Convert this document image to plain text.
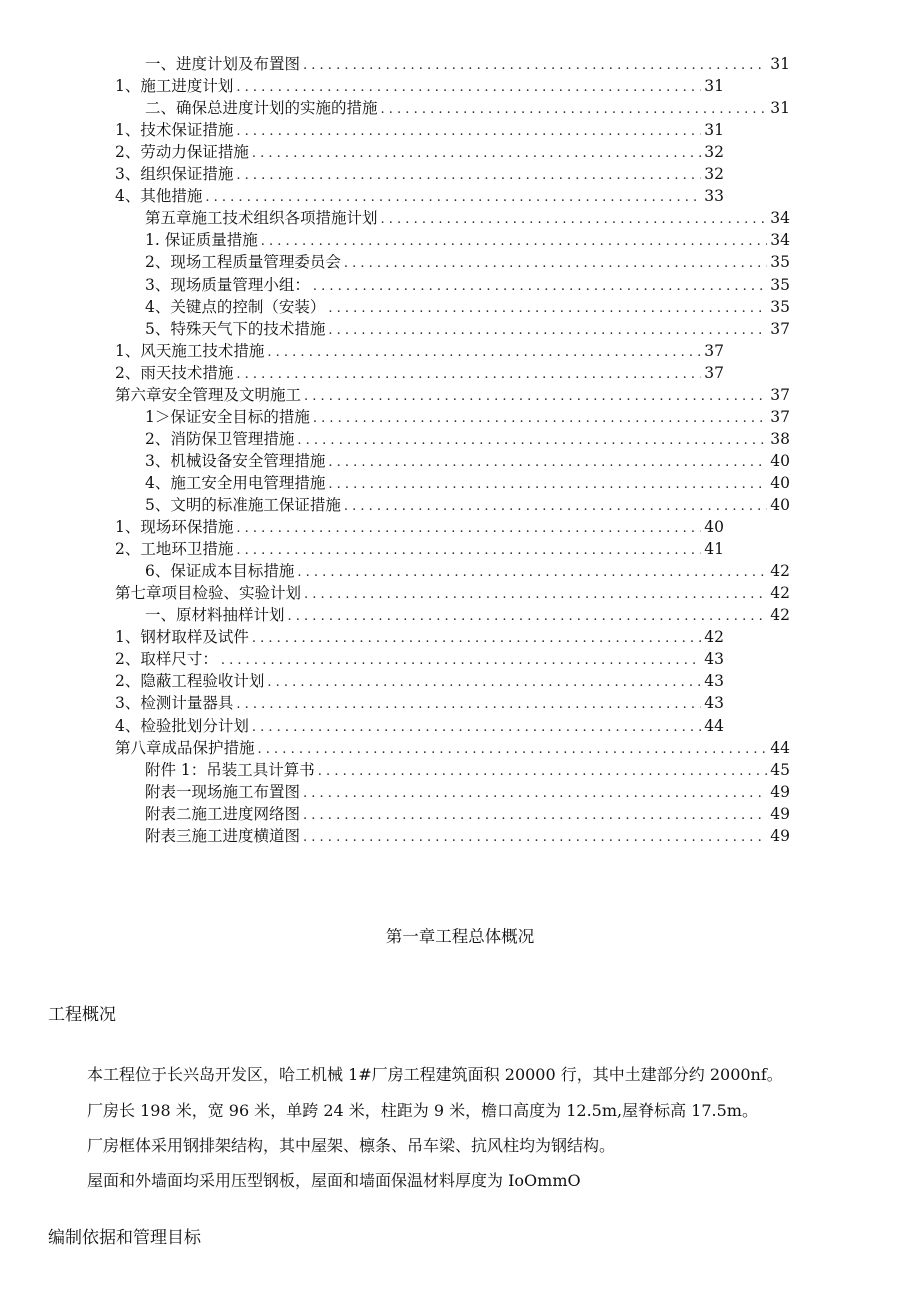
一、进度计划及布置图 . . .	31
1、施工进度计划 . . .	31
二、确保总进度计划的实施的措施 . . .	31
1、技术保证措施 . . .	31
2、劳动力保证措施 . . .	32
3、组织保证措施 . . .	32
4、其他措施 . . .	33
第五章施工技术组织各项措施计划 . . .	34
1. 保证质量措施 . . .	34
2、现场工程质量管理委员会 . . .	35
3、现场质量管理小组： . . .	35
4、关键点的控制（安装） . . .	35
5、特殊天气下的技术措施 . . .	37
1、风天施工技术措施 . . .	37
2、雨天技术措施 . . .	37
第六章安全管理及文明施工 . . .	37
1＞保证安全目标的措施 . . .	37
2、消防保卫管理措施 . . .	38
3、机械设备安全管理措施 . . .	40
4、施工安全用电管理措施 . . .	40
5、文明的标准施工保证措施 . . .	40
1、现场环保措施 . . .	40
2、工地环卫措施 . . .	41
6、保证成本目标措施 . . .	42
第七章项目检验、实验计划 . . .	42
一、原材料抽样计划 . . .	42
1、钢材取样及试件 . . .	42
2、取样尺寸： . . .	43
2、隐蔽工程验收计划 . . .	43
3、检测计量器具 . . .	43
4、检验批划分计划 . . .	44
第八章成品保护措施 . . .	44
附件 1：吊装工具计算书 . . .	45
附表一现场施工布置图 . . .	49
附表二施工进度网络图 . . .	49
附表三施工进度横道图 . . .	49
第一章工程总体概况
工程概况
本工程位于长兴岛开发区，哈工机械 1#厂房工程建筑面积 20000 行，其中土建部分约 2000nf。
厂房长 198 米，宽 96 米，单跨 24 米，柱距为 9 米，檐口高度为 12.5m,屋脊标高 17.5m。
厂房框体采用钢排架结构，其中屋架、檩条、吊车梁、抗风柱均为钢结构。
屋面和外墙面均采用压型钢板，屋面和墙面保温材料厚度为 IoOmmO
编制依据和管理目标
